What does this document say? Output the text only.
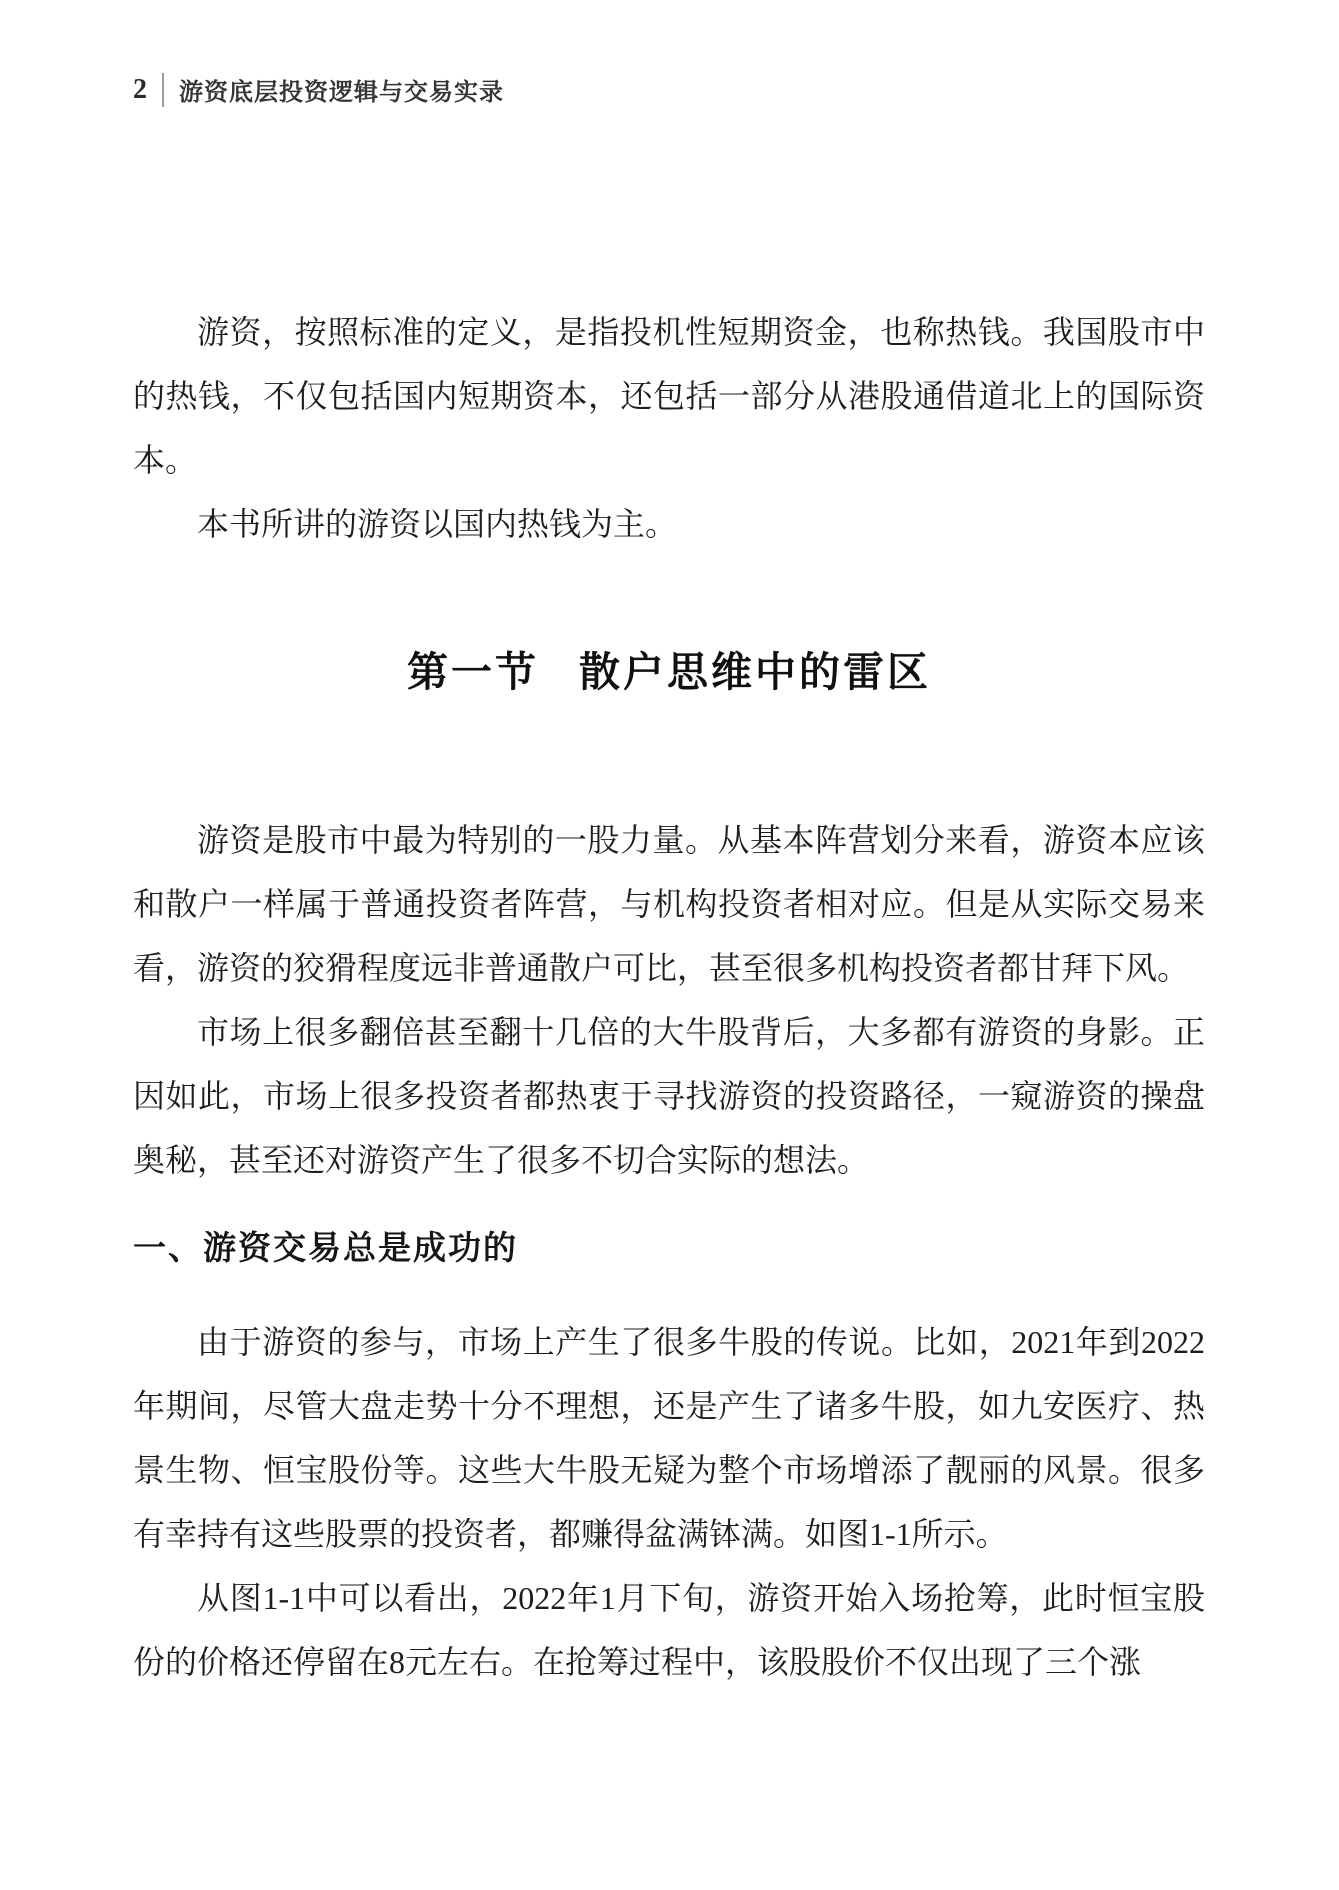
2 游资底层投资逻辑与交易实录

游资，按照标准的定义，是指投机性短期资金，也称热钱。我国股市中的热钱，不仅包括国内短期资本，还包括一部分从港股通借道北上的国际资本。

本书所讲的游资以国内热钱为主。

第一节 散户思维中的雷区

游资是股市中最为特别的一股力量。从基本阵营划分来看，游资本应该和散户一样属于普通投资者阵营，与机构投资者相对应。但是从实际交易来看，游资的狡猾程度远非普通散户可比，甚至很多机构投资者都甘拜下风。

市场上很多翻倍甚至翻十几倍的大牛股背后，大多都有游资的身影。正因如此，市场上很多投资者都热衷于寻找游资的投资路径，一窥游资的操盘奥秘，甚至还对游资产生了很多不切合实际的想法。

一、游资交易总是成功的

由于游资的参与，市场上产生了很多牛股的传说。比如，2021年到2022年期间，尽管大盘走势十分不理想，还是产生了诸多牛股，如九安医疗、热景生物、恒宝股份等。这些大牛股无疑为整个市场增添了靓丽的风景。很多有幸持有这些股票的投资者，都赚得盆满钵满。如图1-1所示。

从图1-1中可以看出，2022年1月下旬，游资开始入场抢筹，此时恒宝股份的价格还停留在8元左右。在抢筹过程中，该股股价不仅出现了三个涨
